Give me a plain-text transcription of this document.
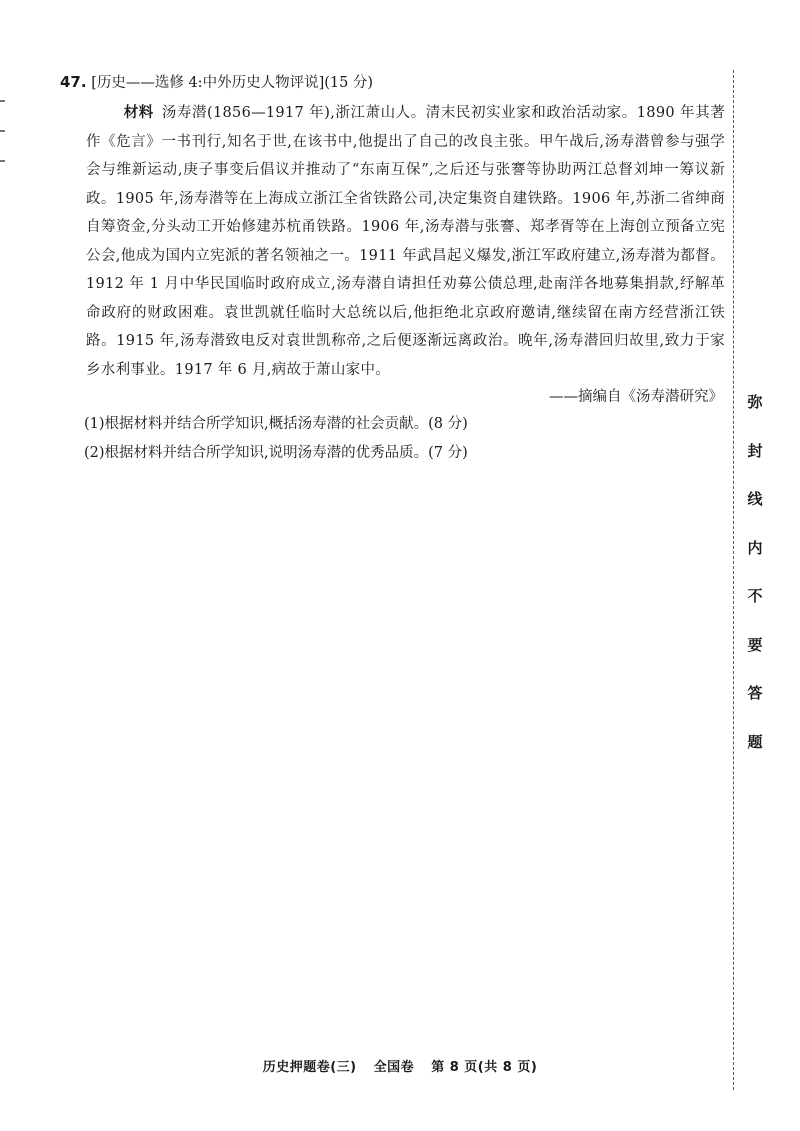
47. [历史——选修 4:中外历史人物评说](15 分)

材料 汤寿潜(1856—1917 年),浙江萧山人。清末民初实业家和政治活动家。1890 年其著作《危言》一书刊行,知名于世,在该书中,他提出了自己的改良主张。甲午战后,汤寿潜曾参与强学会与维新运动,庚子事变后倡议并推动了“东南互保”,之后还与张謇等协助两江总督刘坤一筹议新政。1905 年,汤寿潜等在上海成立浙江全省铁路公司,决定集资自建铁路。1906 年,苏浙二省绅商自筹资金,分头动工开始修建苏杭甬铁路。1906 年,汤寿潜与张謇、郑孝胥等在上海创立预备立宪公会,他成为国内立宪派的著名领袖之一。1911 年武昌起义爆发,浙江军政府建立,汤寿潜为都督。1912 年 1 月中华民国临时政府成立,汤寿潜自请担任劝募公债总理,赴南洋各地募集捐款,纾解革命政府的财政困难。袁世凯就任临时大总统以后,他拒绝北京政府邀请,继续留在南方经营浙江铁路。1915 年,汤寿潜致电反对袁世凯称帝,之后便逐渐远离政治。晚年,汤寿潜回归故里,致力于家乡水利事业。1917 年 6 月,病故于萧山家中。

——摘编自《汤寿潜研究》

(1)根据材料并结合所学知识,概括汤寿潜的社会贡献。(8 分)

(2)根据材料并结合所学知识,说明汤寿潜的优秀品质。(7 分)

弥
封
线
内
不
要
答
题
历史押题卷(三) 全国卷 第 8 页(共 8 页)
